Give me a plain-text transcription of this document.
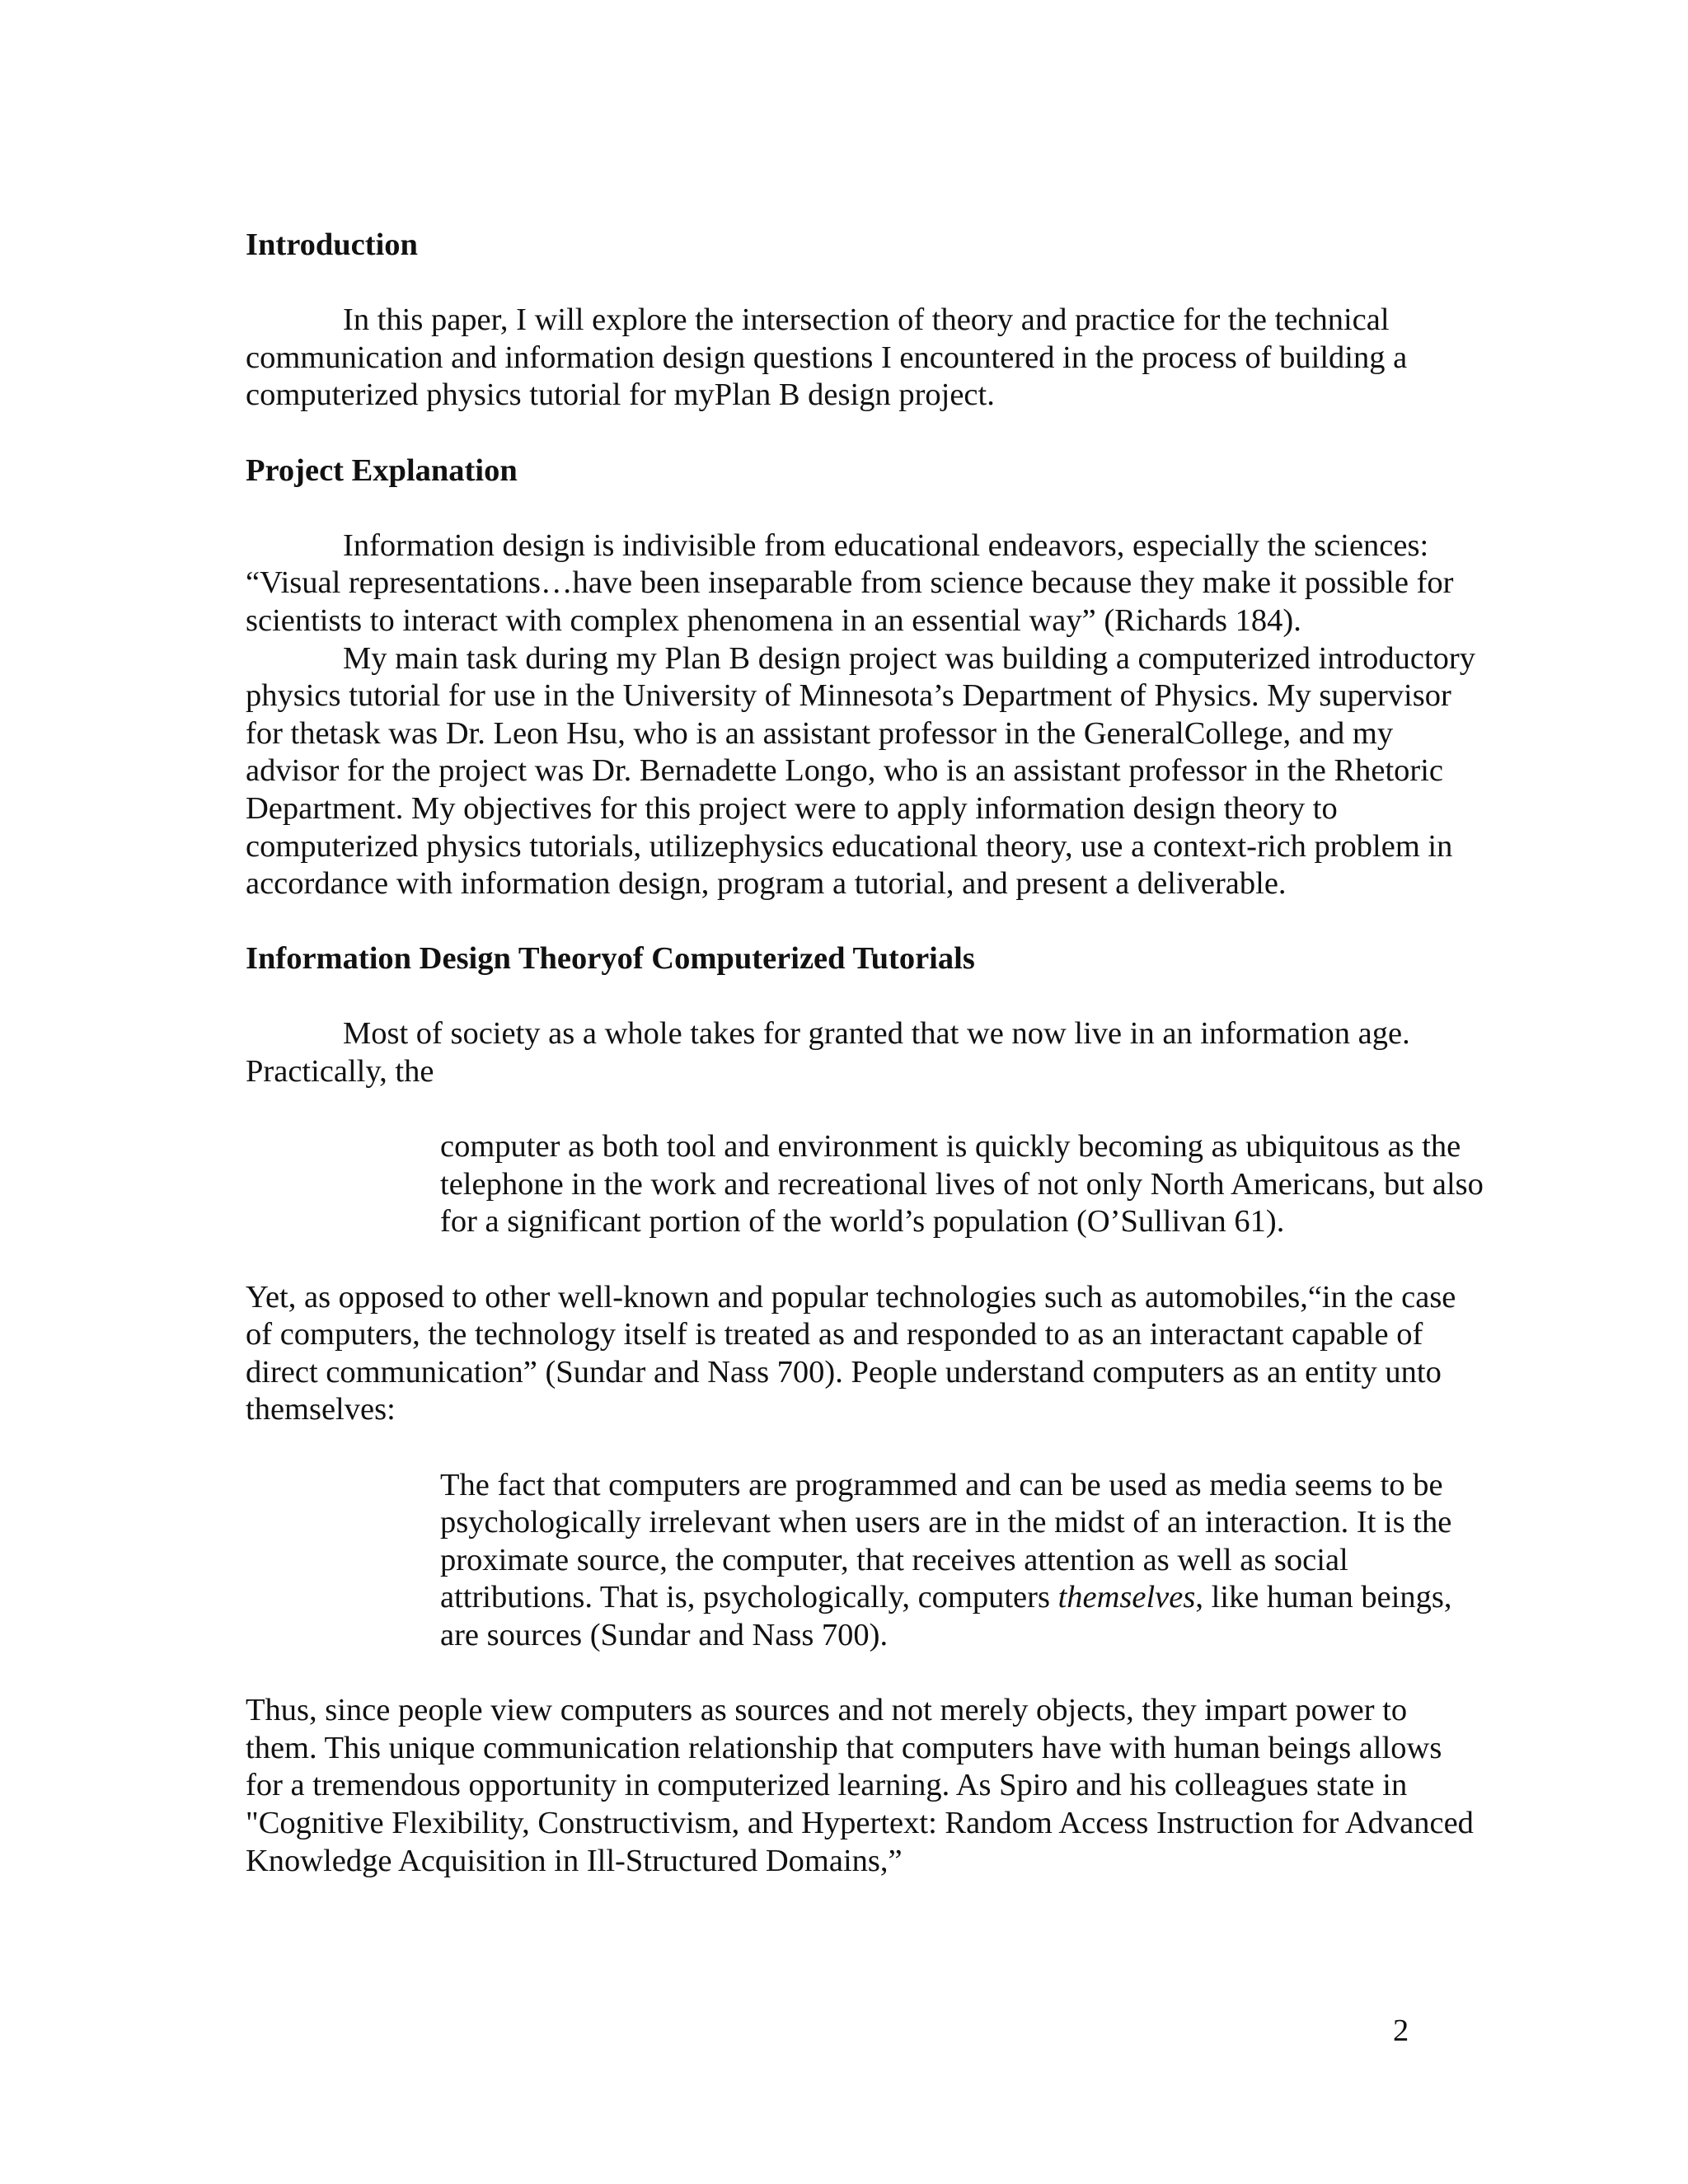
Introduction

In this paper, I will explore the intersection of theory and practice for the technical
communication and information design questions I encountered in the process of building a
computerized physics tutorial for myPlan B design project.

Project Explanation

Information design is indivisible from educational endeavors, especially the sciences:
“Visual representations…have been inseparable from science because they make it possible for
scientists to interact with complex phenomena in an essential way” (Richards 184).

My main task during my Plan B design project was building a computerized introductory
physics tutorial for use in the University of Minnesota’s Department of Physics. My supervisor
for thetask was Dr. Leon Hsu, who is an assistant professor in the GeneralCollege, and my
advisor for the project was Dr. Bernadette Longo, who is an assistant professor in the Rhetoric
Department. My objectives for this project were to apply information design theory to
computerized physics tutorials, utilizephysics educational theory, use a context-rich problem in
accordance with information design, program a tutorial, and present a deliverable.

Information Design Theoryof Computerized Tutorials

Most of society as a whole takes for granted that we now live in an information age.
Practically, the

computer as both tool and environment is quickly becoming as ubiquitous as the
telephone in the work and recreational lives of not only North Americans, but also
for a significant portion of the world’s population (O’Sullivan 61).

Yet, as opposed to other well-known and popular technologies such as automobiles,“in the case
of computers, the technology itself is treated as and responded to as an interactant capable of
direct communication” (Sundar and Nass 700). People understand computers as an entity unto
themselves:

The fact that computers are programmed and can be used as media seems to be
psychologically irrelevant when users are in the midst of an interaction. It is the
proximate source, the computer, that receives attention as well as social
attributions. That is, psychologically, computers themselves, like human beings,
are sources (Sundar and Nass 700).

Thus, since people view computers as sources and not merely objects, they impart power to
them. This unique communication relationship that computers have with human beings allows
for a tremendous opportunity in computerized learning. As Spiro and his colleagues state in
"Cognitive Flexibility, Constructivism, and Hypertext: Random Access Instruction for Advanced
Knowledge Acquisition in Ill-Structured Domains,”

2
